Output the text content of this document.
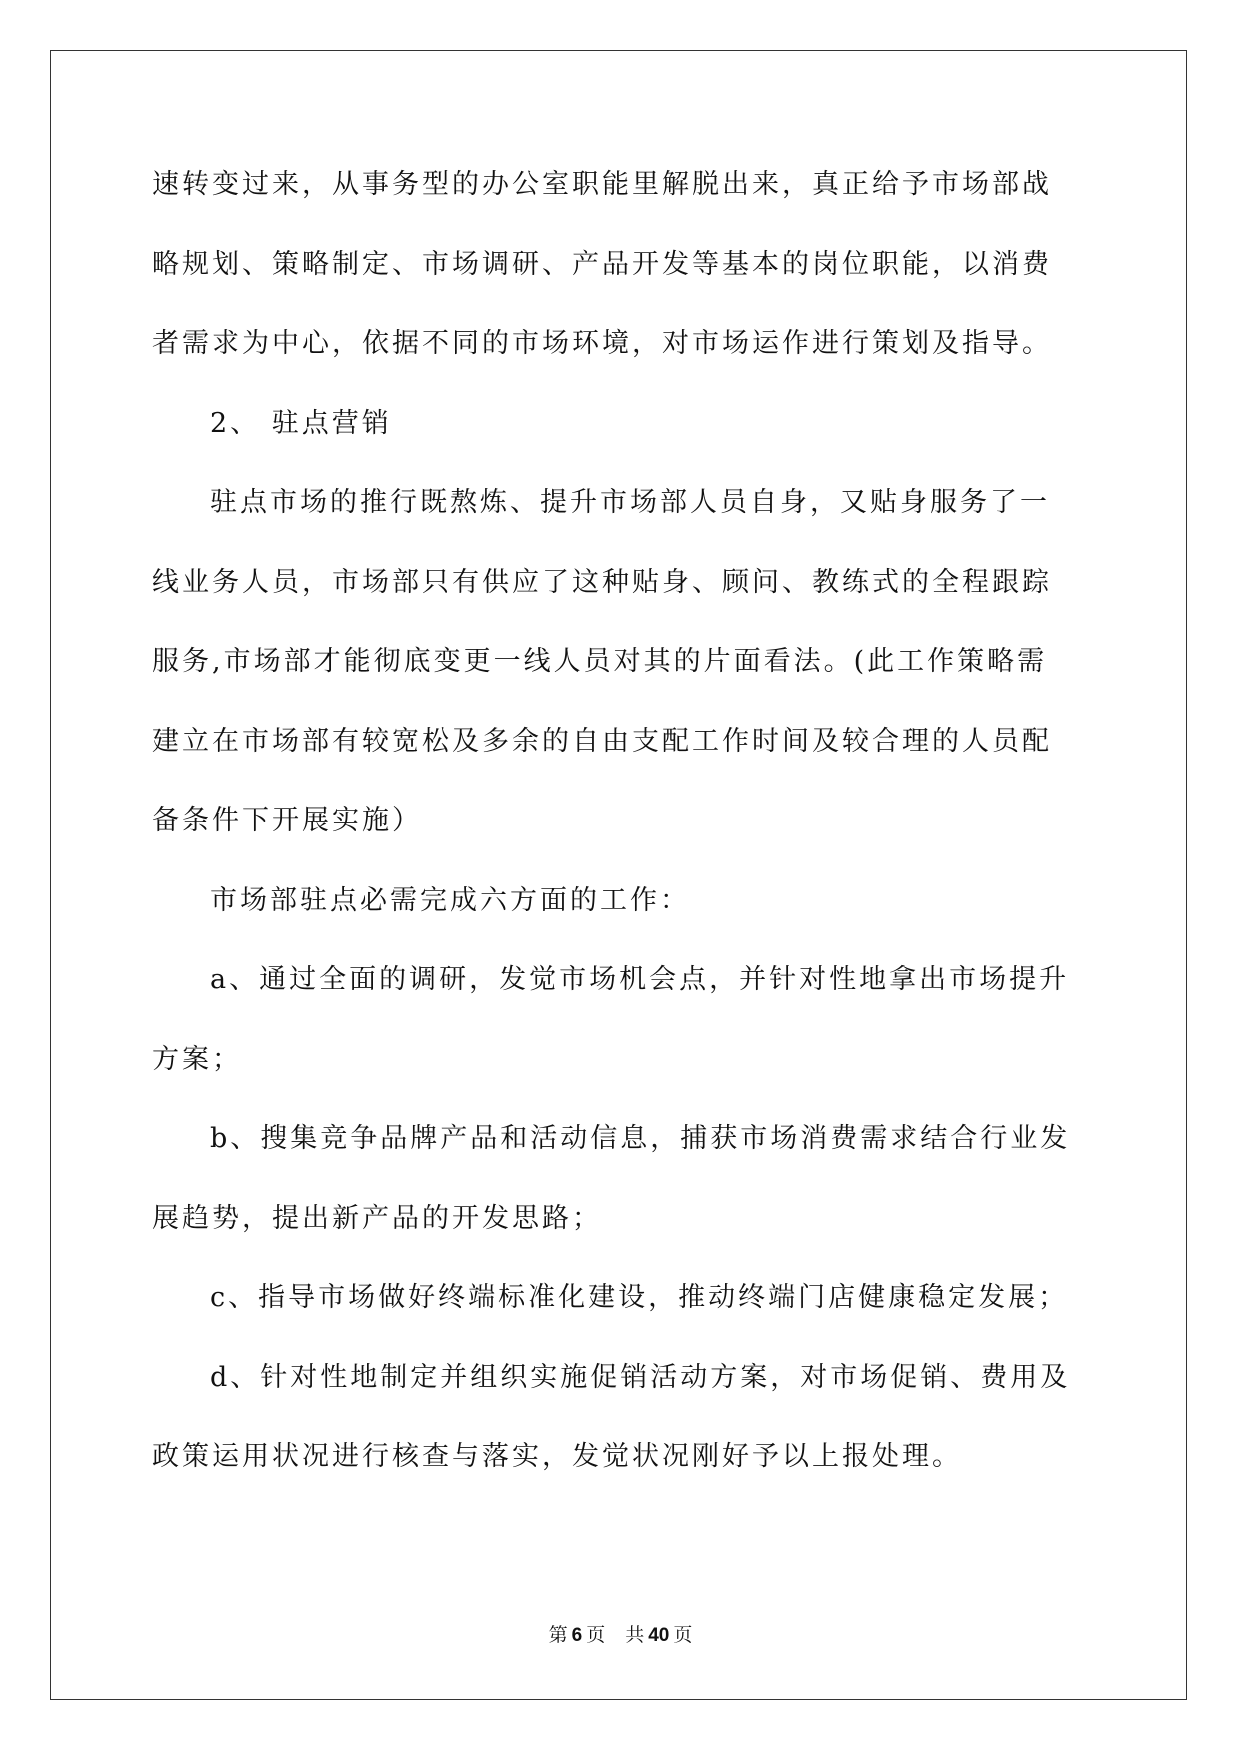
速转变过来，从事务型的办公室职能里解脱出来，真正给予市场部战
略规划、策略制定、市场调研、产品开发等基本的岗位职能，以消费
者需求为中心，依据不同的市场环境，对市场运作进行策划及指导。
2、 驻点营销
驻点市场的推行既熬炼、提升市场部人员自身，又贴身服务了一
线业务人员，市场部只有供应了这种贴身、顾问、教练式的全程跟踪
服务,市场部才能彻底变更一线人员对其的片面看法。(此工作策略需
建立在市场部有较宽松及多余的自由支配工作时间及较合理的人员配
备条件下开展实施）
市场部驻点必需完成六方面的工作：
a、通过全面的调研，发觉市场机会点，并针对性地拿出市场提升
方案；
b、搜集竞争品牌产品和活动信息，捕获市场消费需求结合行业发
展趋势，提出新产品的开发思路；
c、指导市场做好终端标准化建设，推动终端门店健康稳定发展；
d、针对性地制定并组织实施促销活动方案，对市场促销、费用及
政策运用状况进行核查与落实，发觉状况刚好予以上报处理。
第 6 页 共 40 页
